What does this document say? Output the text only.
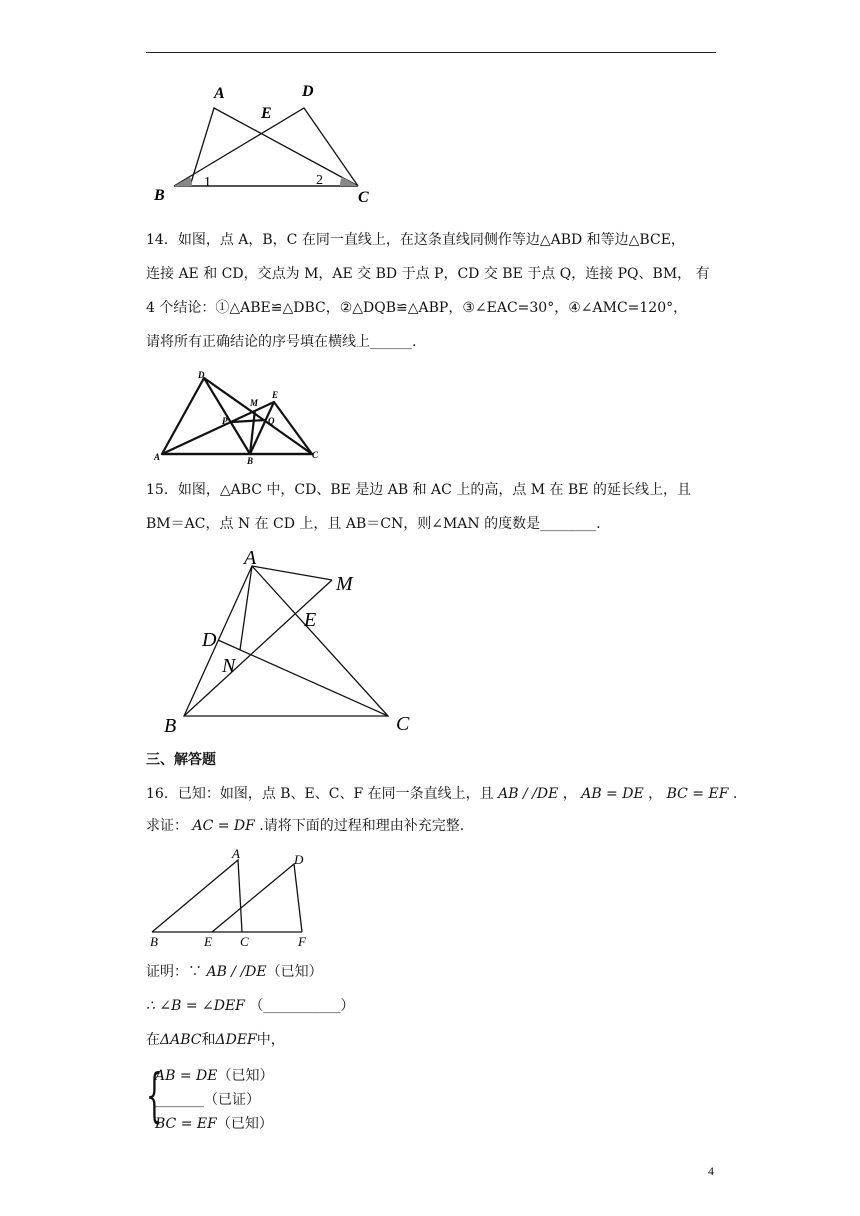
A	D
E
B	C
1	2
14．如图，点 A，B，C 在同一直线上，在这条直线同侧作等边△ABD 和等边△BCE，
连接 AE 和 CD，交点为 M，AE 交 BD 于点 P，CD 交 BE 于点 Q，连接 PQ、BM， 有
4 个结论：①△ABE≌△DBC，②△DQB≌△ABP，③∠EAC=30°，④∠AMC=120°，
请将所有正确结论的序号填在横线上______.
D
M
E
P	Q
A	B
C
15．如图，△ABC 中，CD、BE 是边 AB 和 AC 上的高，点 M 在 BE 的延长线上，且
BM＝AC，点 N 在 CD 上，且 AB＝CN，则∠MAN 的度数是________.
A
M
E
D
N
B	C
三、解答题
16．已知：如图，点 B、E、C、F 在同一条直线上，且 AB / /DE ， AB = DE ， BC = EF .
求证： AC = DF .请将下面的过程和理由补充完整.
A	D
B	E C	F
证明：∵ AB / /DE（已知）
∴ ∠B = ∠DEF （___________）
在ΔABC和ΔDEF中，
{
AB = DE（已知）
_______（已证）
BC = EF（已知）
4
